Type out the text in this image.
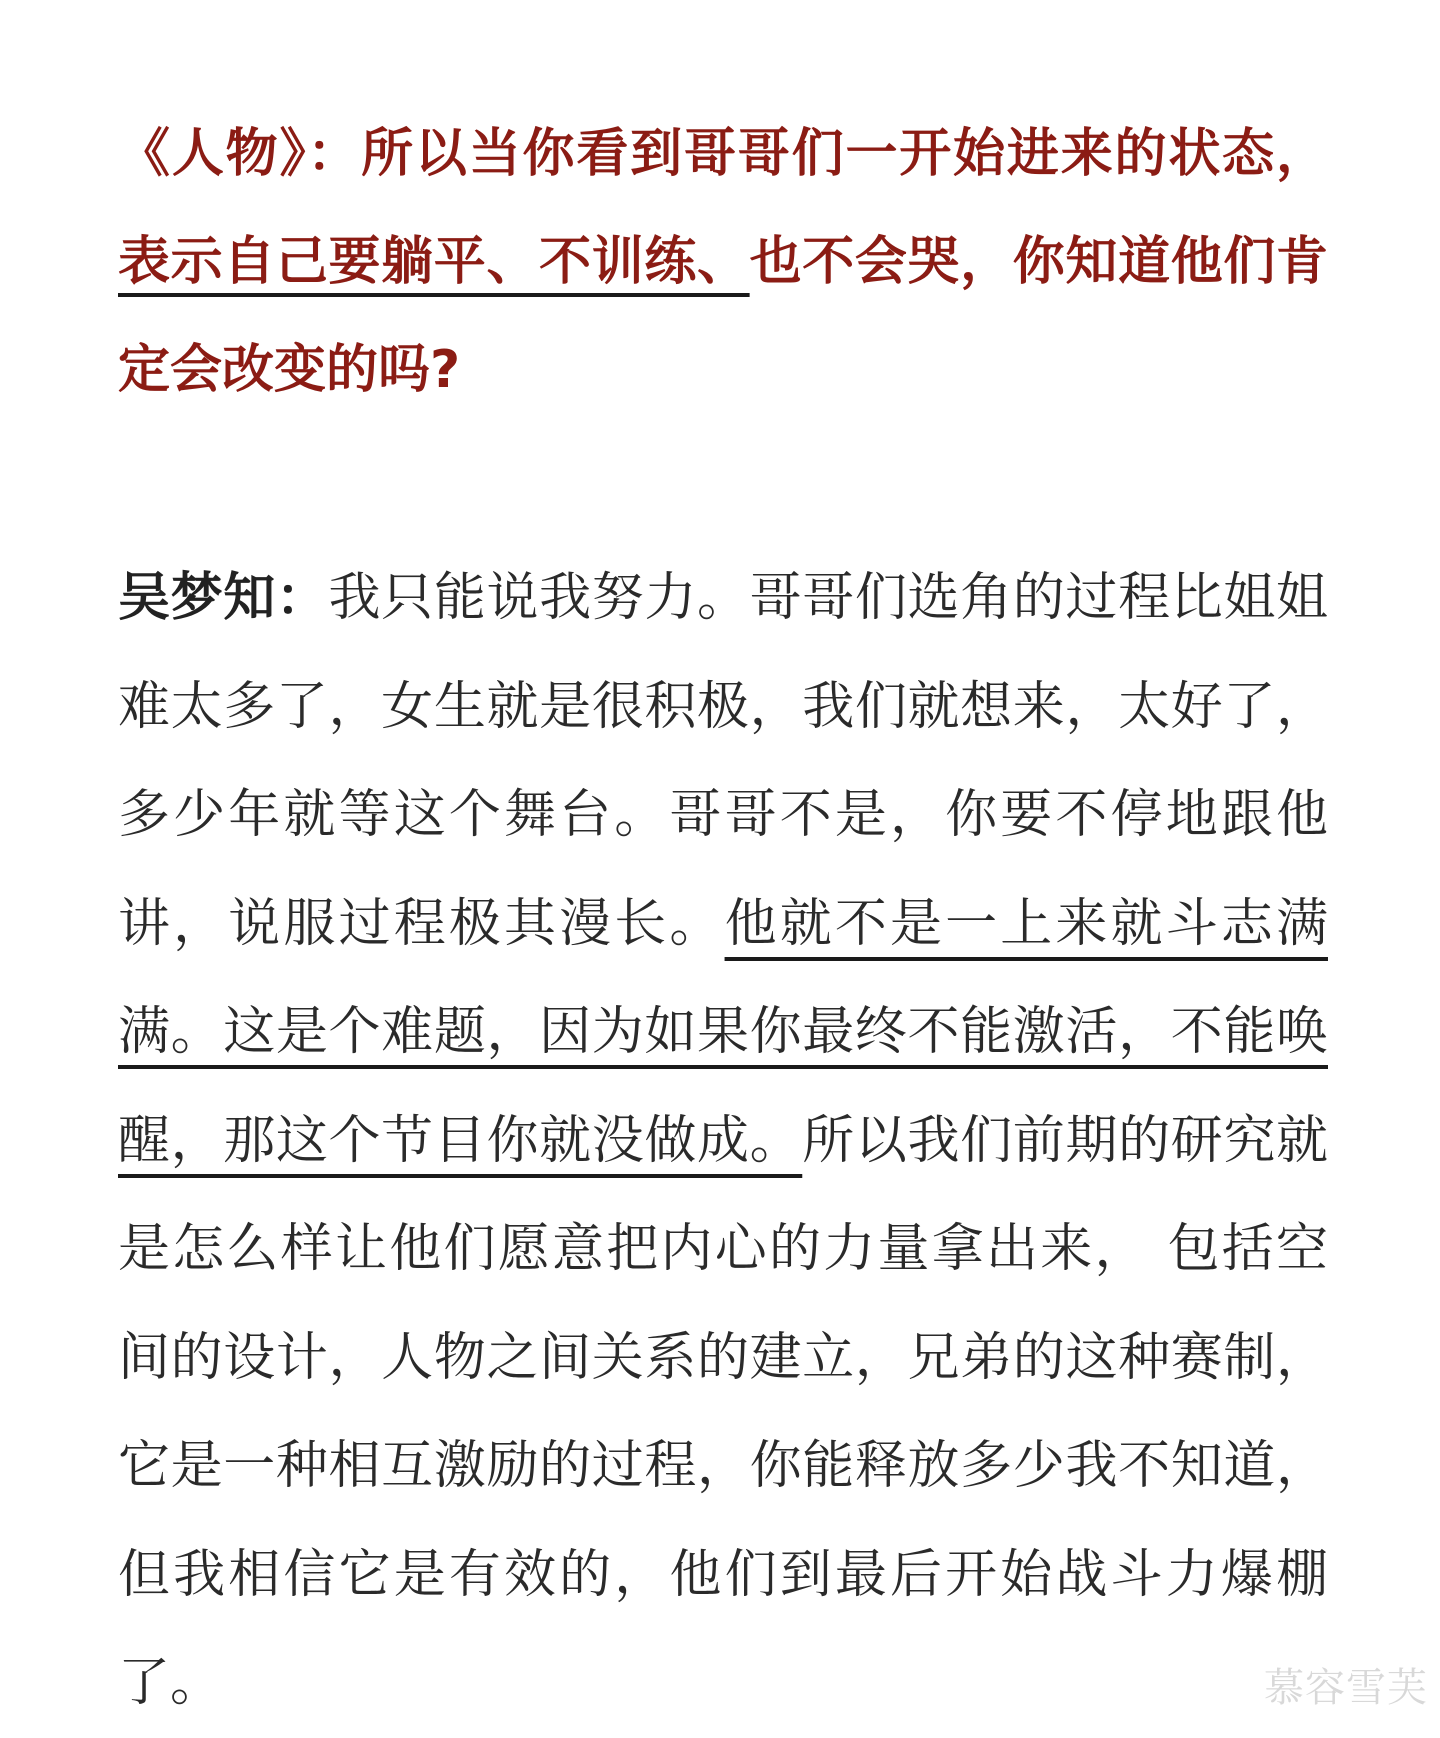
《人物》：所以当你看到哥哥们一开始进来的状态，表示自己要躺平、不训练、也不会哭，你知道他们肯定会改变的吗?

吴梦知：我只能说我努力。哥哥们选角的过程比姐姐难太多了，女生就是很积极，我们就想来，太好了，多少年就等这个舞台。哥哥不是，你要不停地跟他讲，说服过程极其漫长。他就不是一上来就斗志满满。这是个难题，因为如果你最终不能激活，不能唤醒，那这个节目你就没做成。所以我们前期的研究就是怎么样让他们愿意把内心的力量拿出来， 包括空间的设计，人物之间关系的建立，兄弟的这种赛制，它是一种相互激励的过程，你能释放多少我不知道，但我相信它是有效的，他们到最后开始战斗力爆棚了。	慕容雪芙
